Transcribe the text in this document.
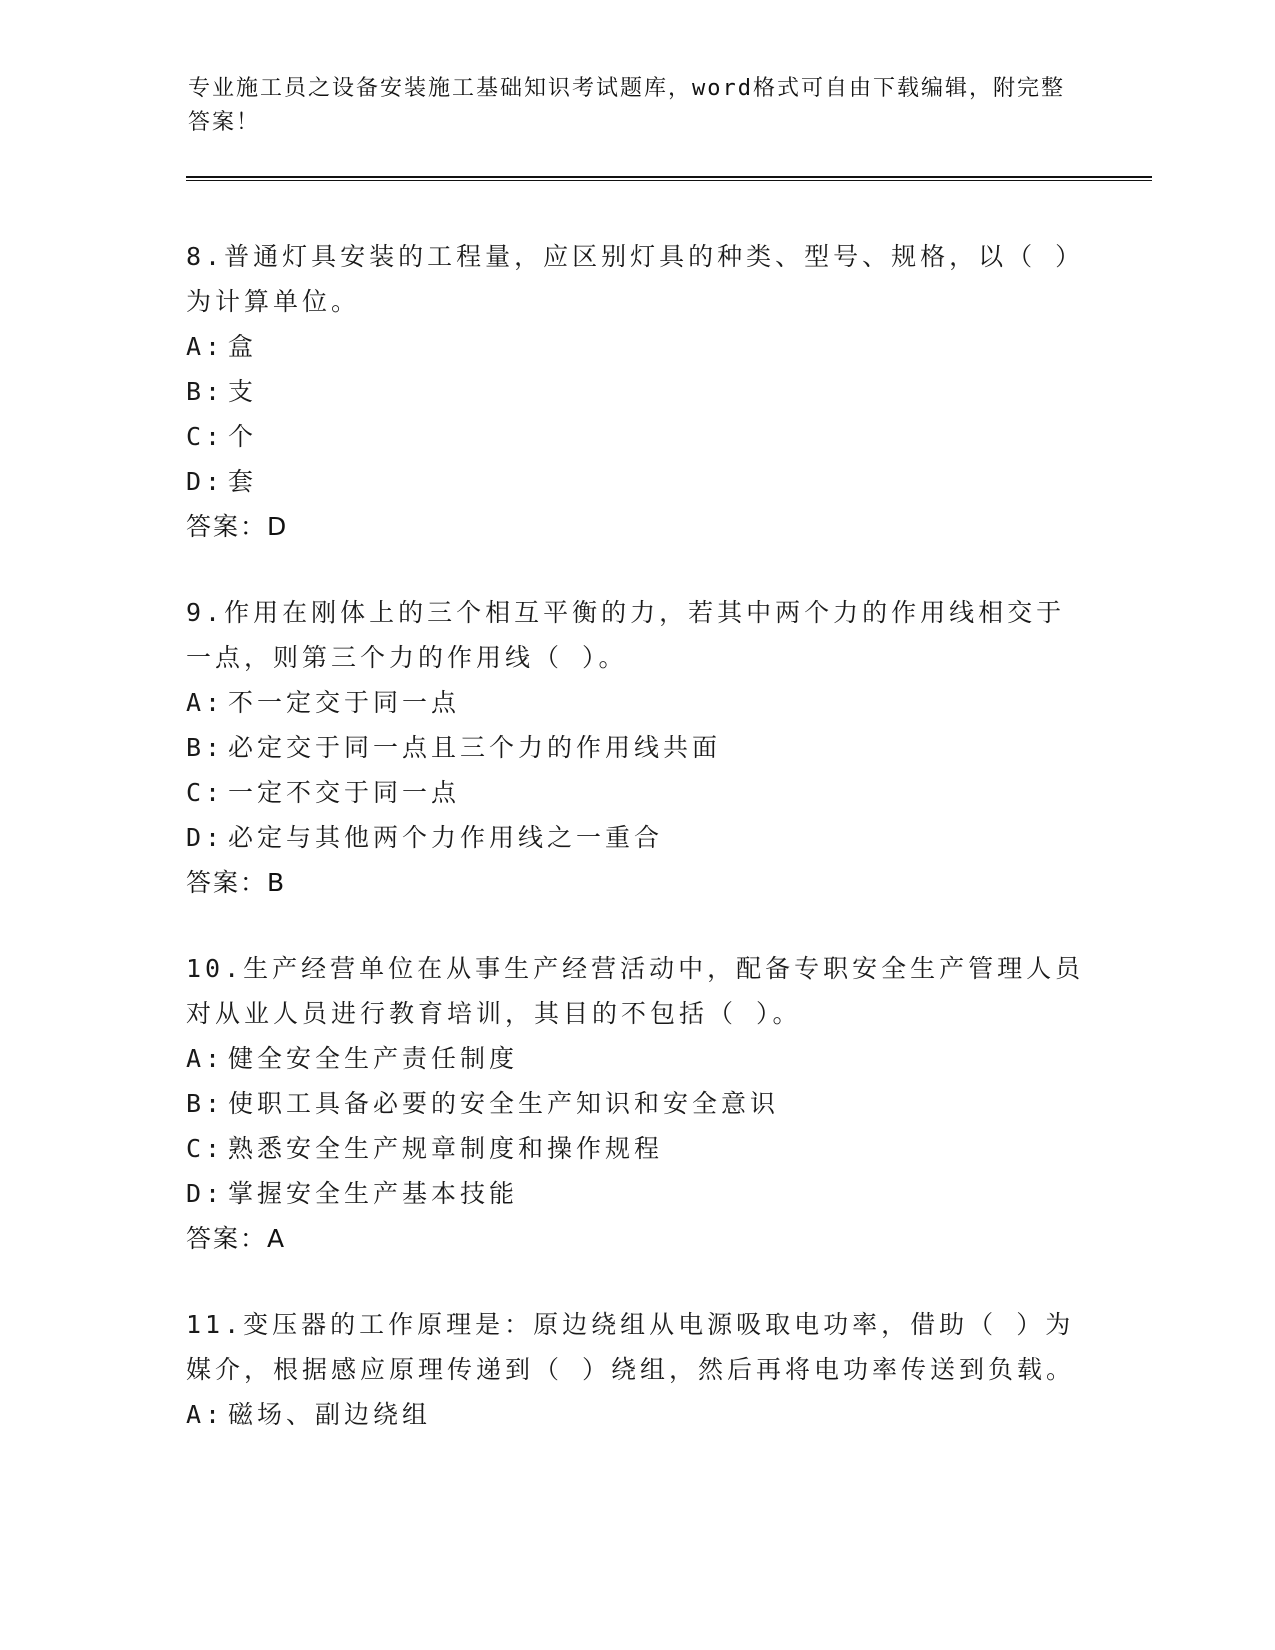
专业施工员之设备安装施工基础知识考试题库，word格式可自由下载编辑，附完整答案！
8.普通灯具安装的工程量，应区别灯具的种类、型号、规格，以（ ）为计算单位。
A: 盒
B: 支
C: 个
D: 套
答案：D
9.作用在刚体上的三个相互平衡的力，若其中两个力的作用线相交于一点，则第三个力的作用线（ ）。
A: 不一定交于同一点
B: 必定交于同一点且三个力的作用线共面
C: 一定不交于同一点
D: 必定与其他两个力作用线之一重合
答案：B
10.生产经营单位在从事生产经营活动中，配备专职安全生产管理人员对从业人员进行教育培训，其目的不包括（ ）。
A: 健全安全生产责任制度
B: 使职工具备必要的安全生产知识和安全意识
C: 熟悉安全生产规章制度和操作规程
D: 掌握安全生产基本技能
答案：A
11.变压器的工作原理是：原边绕组从电源吸取电功率，借助（ ）为媒介，根据感应原理传递到（ ）绕组，然后再将电功率传送到负载。
A: 磁场、副边绕组
